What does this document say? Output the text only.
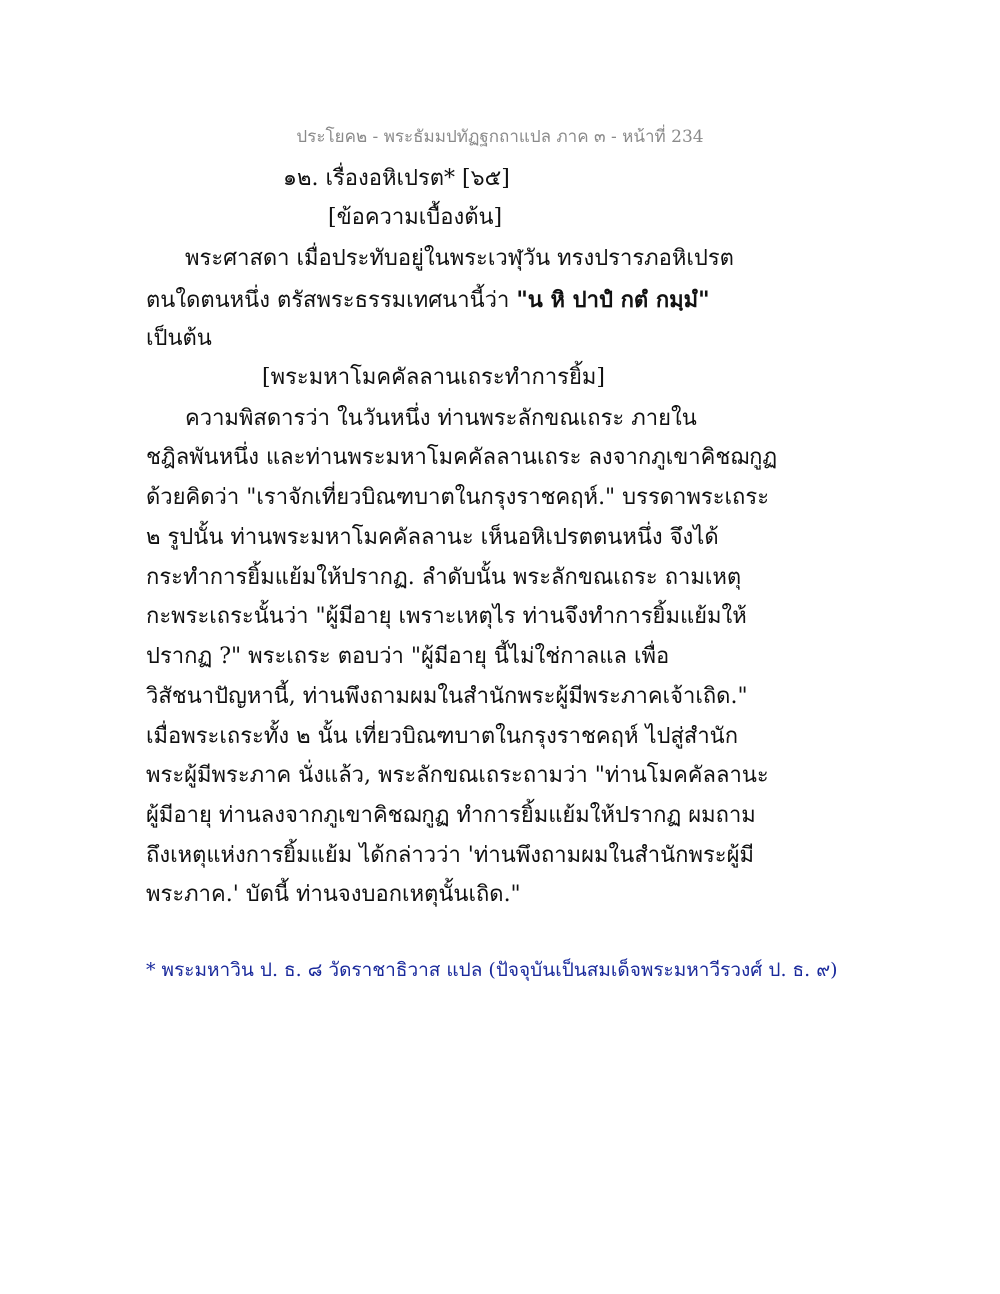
ประโยค๒ - พระธัมมปทัฏฐกถาแปล ภาค ๓ - หน้าที่ 234
๑๒. เรื่องอหิเปรต* [๖๕]
[ข้อความเบื้องต้น]
พระศาสดา เมื่อประทับอยู่ในพระเวฬุวัน ทรงปรารภอหิเปรต
ตนใดตนหนึ่ง ตรัสพระธรรมเทศนานี้ว่า "น หิ ปาปํ กตํ กมฺมํ"
เป็นต้น
[พระมหาโมคคัลลานเถระทำการยิ้ม]
ความพิสดารว่า ในวันหนึ่ง ท่านพระลักขณเถระ ภายใน
ชฎิลพันหนึ่ง และท่านพระมหาโมคคัลลานเถระ ลงจากภูเขาคิชฌกูฏ
ด้วยคิดว่า "เราจักเที่ยวบิณฑบาตในกรุงราชคฤห์." บรรดาพระเถระ
๒ รูปนั้น ท่านพระมหาโมคคัลลานะ เห็นอหิเปรตตนหนึ่ง จึงได้
กระทำการยิ้มแย้มให้ปรากฏ. ลำดับนั้น พระลักขณเถระ ถามเหตุ
กะพระเถระนั้นว่า "ผู้มีอายุ เพราะเหตุไร ท่านจึงทำการยิ้มแย้มให้
ปรากฏ ?" พระเถระ ตอบว่า "ผู้มีอายุ นี้ไม่ใช่กาลแล เพื่อ
วิสัชนาปัญหานี้, ท่านพึงถามผมในสำนักพระผู้มีพระภาคเจ้าเถิด."
เมื่อพระเถระทั้ง ๒ นั้น เที่ยวบิณฑบาตในกรุงราชคฤห์ ไปสู่สำนัก
พระผู้มีพระภาค นั่งแล้ว, พระลักขณเถระถามว่า "ท่านโมคคัลลานะ
ผู้มีอายุ ท่านลงจากภูเขาคิชฌกูฏ ทำการยิ้มแย้มให้ปรากฏ ผมถาม
ถึงเหตุแห่งการยิ้มแย้ม ได้กล่าวว่า 'ท่านพึงถามผมในสำนักพระผู้มี
พระภาค.' บัดนี้ ท่านจงบอกเหตุนั้นเถิด."
* พระมหาวิน ป. ธ. ๘ วัดราชาธิวาส แปล (ปัจจุบันเป็นสมเด็จพระมหาวีรวงศ์ ป. ธ. ๙)
